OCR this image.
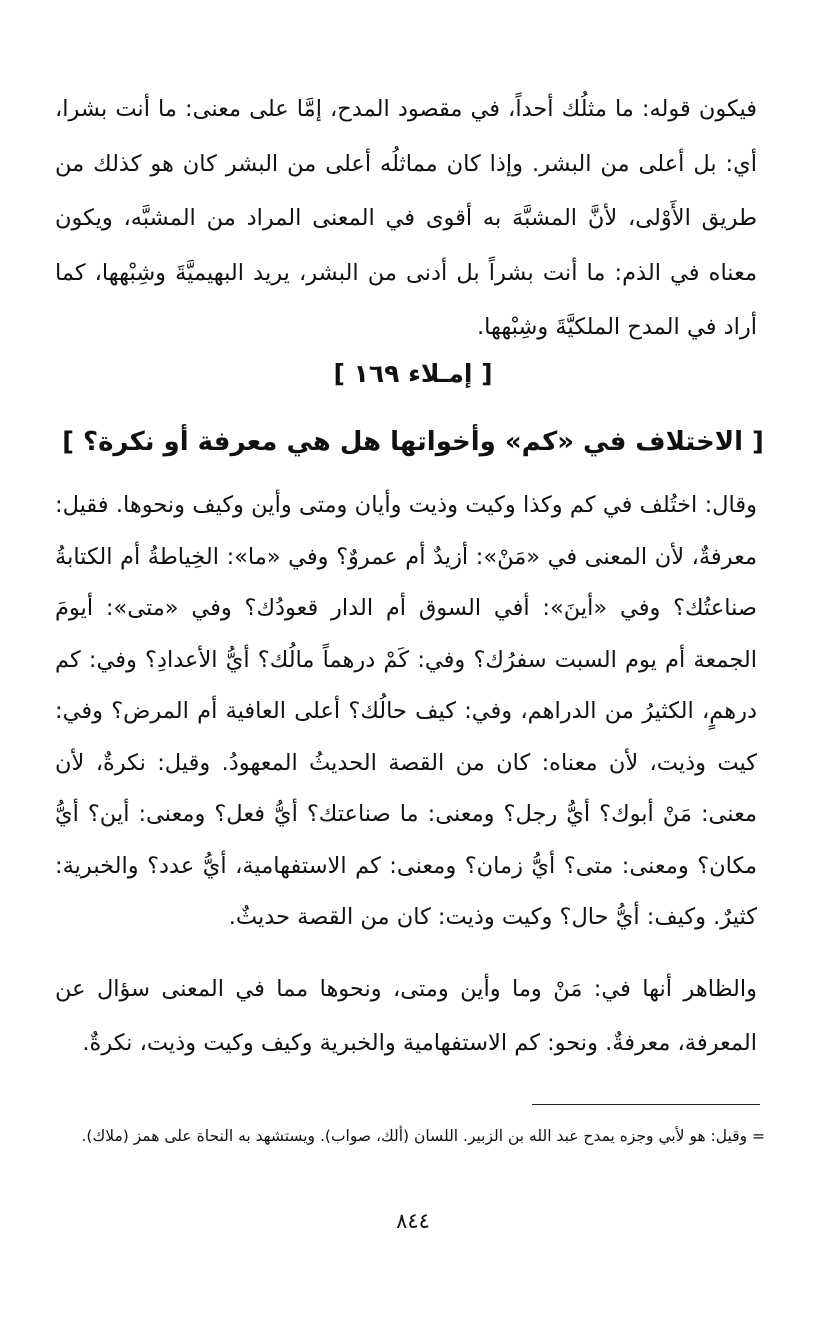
فيكون قوله: ما مثلُك أحداً، في مقصود المدح، إمَّا على معنى: ما أنت بشرا، أي: بل أعلى من البشر. وإذا كان مماثلُه أعلى من البشر كان هو كذلك من طريق الأَوْلى، لأنَّ المشبَّهَ به أقوى في المعنى المراد من المشبَّه، ويكون معناه في الذم: ما أنت بشراً بل أدنى من البشر، يريد البهيميَّةَ وشِبْهها، كما أراد في المدح الملكيَّةَ وشِبْهها.

[ إمـلاء ١٦٩ ]
[ الاختلاف في «كم» وأخواتها هل هي معرفة أو نكرة؟ ]

وقال: اختُلف في كم وكذا وكيت وذيت وأيان ومتى وأين وكيف ونحوها. فقيل: معرفةٌ، لأن المعنى في «مَنْ»: أزيدٌ أم عمروٌ؟ وفي «ما»: الخِياطةُ أم الكتابةُ صناعتُك؟ وفي «أينَ»: أفي السوق أم الدار قعودُك؟ وفي «متى»: أيومَ الجمعة أم يوم السبت سفرُك؟ وفي: كَمْ درهماً مالُك؟ أيُّ الأعدادِ؟ وفي: كم درهمٍ، الكثيرُ من الدراهم، وفي: كيف حالُك؟ أعلى العافية أم المرض؟ وفي: كيت وذيت، لأن معناه: كان من القصة الحديثُ المعهودُ. وقيل: نكرةٌ، لأن معنى: مَنْ أبوك؟ أيُّ رجل؟ ومعنى: ما صناعتك؟ أيُّ فعل؟ ومعنى: أين؟ أيُّ مكان؟ ومعنى: متى؟ أيُّ زمان؟ ومعنى: كم الاستفهامية، أيُّ عدد؟ والخبرية: كثيرٌ. وكيف: أيُّ حال؟ وكيت وذيت: كان من القصة حديثٌ.

والظاهر أنها في: مَنْ وما وأين ومتى، ونحوها مما في المعنى سؤال عن المعرفة، معرفةٌ. ونحو: كم الاستفهامية والخبرية وكيف وكيت وذيت، نكرةٌ.

= وقيل: هو لأبي وجزه يمدح عبد الله بن الزبير. اللسان (ألك، صواب). ويستشهد به النحاة على همز (ملاك).

٨٤٤
